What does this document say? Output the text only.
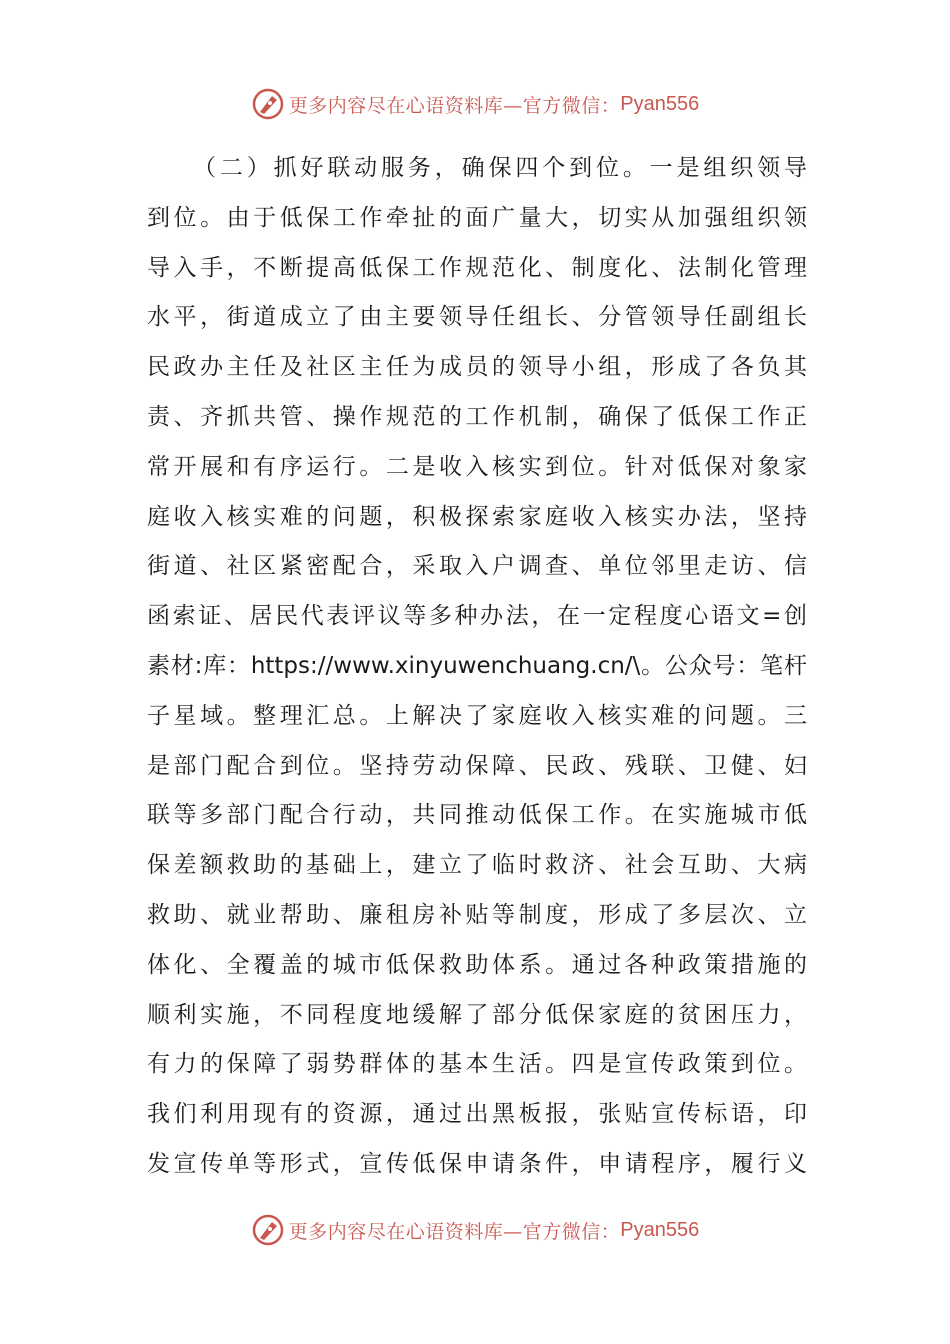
更多内容尽在心语资料库—官方微信： Pyan556
（二）抓好联动服务，确保四个到位。一是组织领导
到位。由于低保工作牵扯的面广量大，切实从加强组织领
导入手，不断提高低保工作规范化、制度化、法制化管理
水平，街道成立了由主要领导任组长、分管领导任副组长
民政办主任及社区主任为成员的领导小组，形成了各负其
责、齐抓共管、操作规范的工作机制，确保了低保工作正
常开展和有序运行。二是收入核实到位。针对低保对象家
庭收入核实难的问题，积极探索家庭收入核实办法，坚持
街道、社区紧密配合，采取入户调查、单位邻里走访、信
函索证、居民代表评议等多种办法，在一定程度心语文=创
素材:库：https://www.xinyuwenchuang.cn/\。公众号：笔杆
子星域。整理汇总。上解决了家庭收入核实难的问题。三
是部门配合到位。坚持劳动保障、民政、残联、卫健、妇
联等多部门配合行动，共同推动低保工作。在实施城市低
保差额救助的基础上，建立了临时救济、社会互助、大病
救助、就业帮助、廉租房补贴等制度，形成了多层次、立
体化、全覆盖的城市低保救助体系。通过各种政策措施的
顺利实施，不同程度地缓解了部分低保家庭的贫困压力，
有力的保障了弱势群体的基本生活。四是宣传政策到位。
我们利用现有的资源，通过出黑板报，张贴宣传标语，印
发宣传单等形式，宣传低保申请条件，申请程序，履行义
更多内容尽在心语资料库—官方微信： Pyan556
